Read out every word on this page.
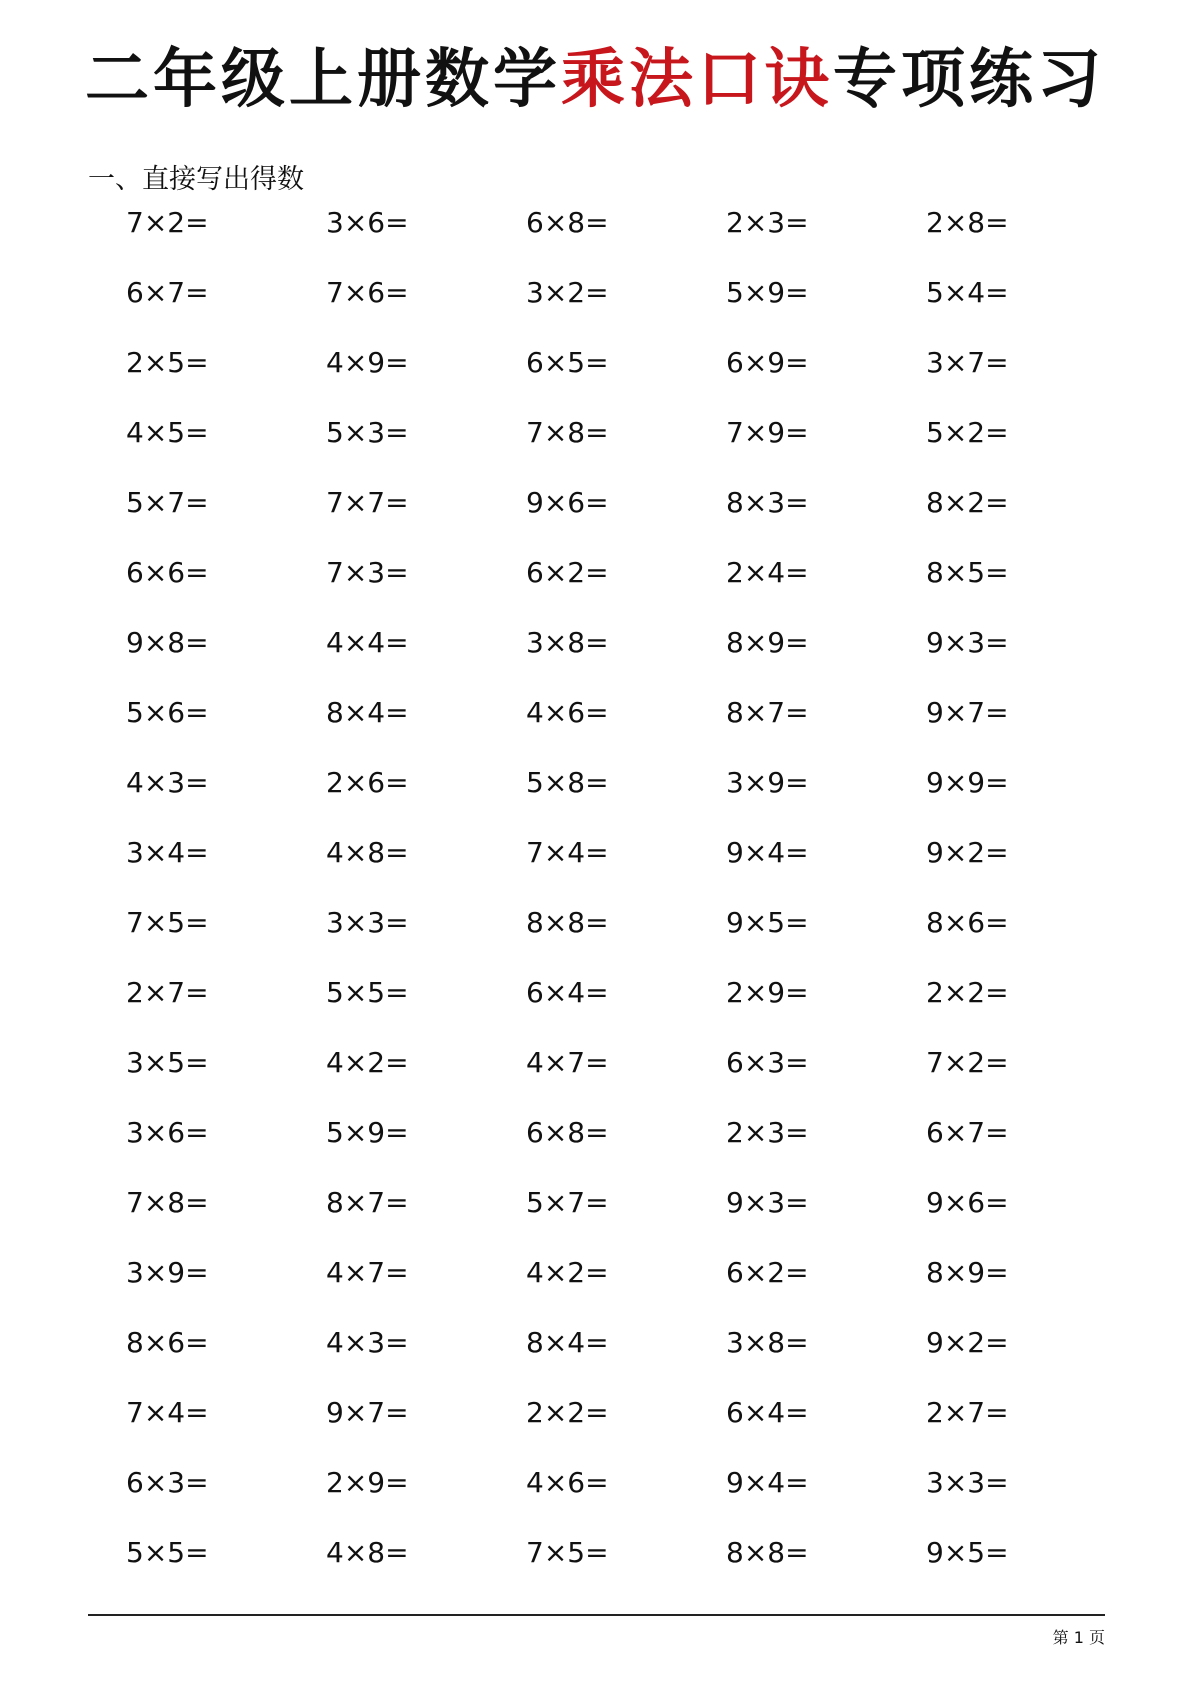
二年级上册数学乘法口诀专项练习
一、直接写出得数
7×2=	3×6=	6×8=	2×3=	2×8=
6×7=	7×6=	3×2=	5×9=	5×4=
2×5=	4×9=	6×5=	6×9=	3×7=
4×5=	5×3=	7×8=	7×9=	5×2=
5×7=	7×7=	9×6=	8×3=	8×2=
6×6=	7×3=	6×2=	2×4=	8×5=
9×8=	4×4=	3×8=	8×9=	9×3=
5×6=	8×4=	4×6=	8×7=	9×7=
4×3=	2×6=	5×8=	3×9=	9×9=
3×4=	4×8=	7×4=	9×4=	9×2=
7×5=	3×3=	8×8=	9×5=	8×6=
2×7=	5×5=	6×4=	2×9=	2×2=
3×5=	4×2=	4×7=	6×3=	7×2=
3×6=	5×9=	6×8=	2×3=	6×7=
7×8=	8×7=	5×7=	9×3=	9×6=
3×9=	4×7=	4×2=	6×2=	8×9=
8×6=	4×3=	8×4=	3×8=	9×2=
7×4=	9×7=	2×2=	6×4=	2×7=
6×3=	2×9=	4×6=	9×4=	3×3=
5×5=	4×8=	7×5=	8×8=	9×5=
第 1 页
